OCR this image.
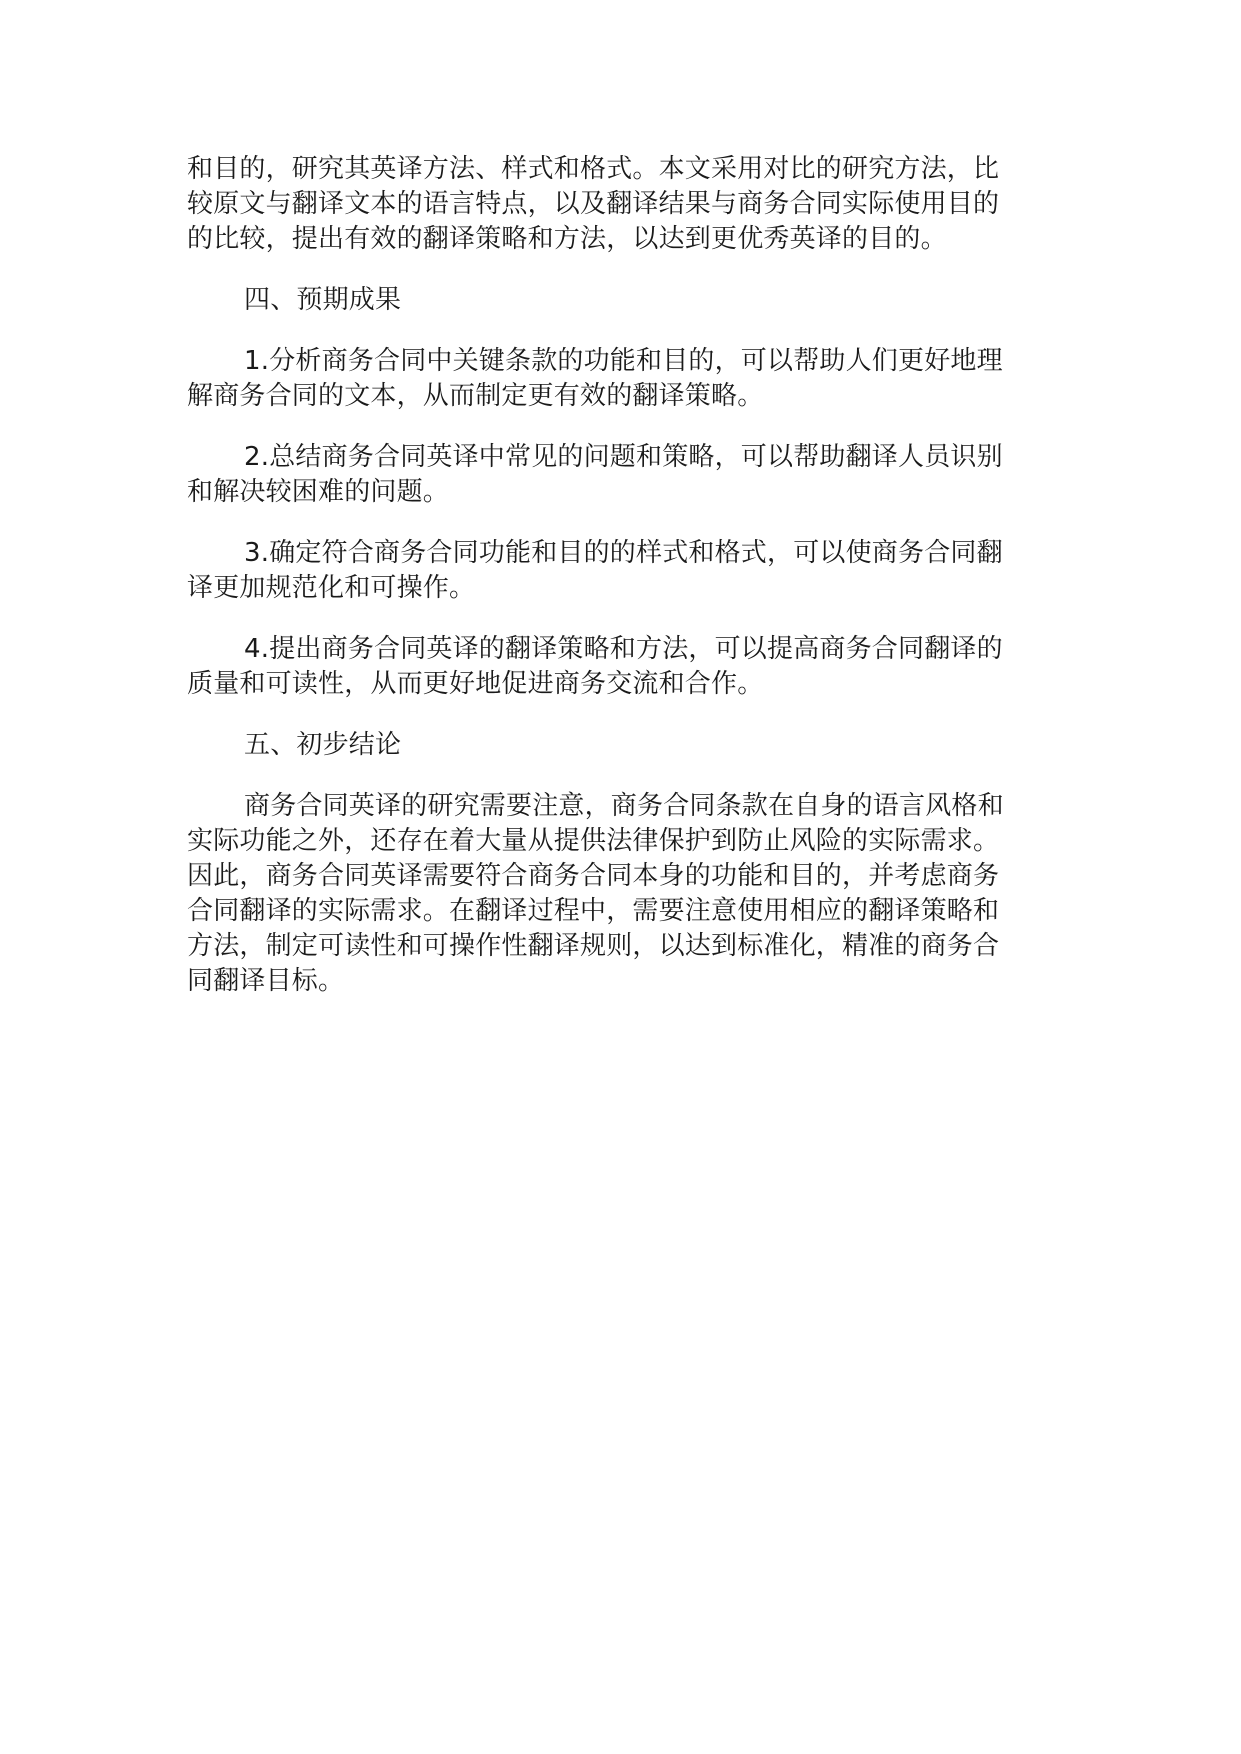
和目的，研究其英译方法、样式和格式。本文采用对比的研究方法，比
较原文与翻译文本的语言特点，以及翻译结果与商务合同实际使用目的
的比较，提出有效的翻译策略和方法，以达到更优秀英译的目的。
四、预期成果
1.分析商务合同中关键条款的功能和目的，可以帮助人们更好地理
解商务合同的文本，从而制定更有效的翻译策略。
2.总结商务合同英译中常见的问题和策略，可以帮助翻译人员识别
和解决较困难的问题。
3.确定符合商务合同功能和目的的样式和格式，可以使商务合同翻
译更加规范化和可操作。
4.提出商务合同英译的翻译策略和方法，可以提高商务合同翻译的
质量和可读性，从而更好地促进商务交流和合作。
五、初步结论
商务合同英译的研究需要注意，商务合同条款在自身的语言风格和
实际功能之外，还存在着大量从提供法律保护到防止风险的实际需求。
因此，商务合同英译需要符合商务合同本身的功能和目的，并考虑商务
合同翻译的实际需求。在翻译过程中，需要注意使用相应的翻译策略和
方法，制定可读性和可操作性翻译规则，以达到标准化，精准的商务合
同翻译目标。
